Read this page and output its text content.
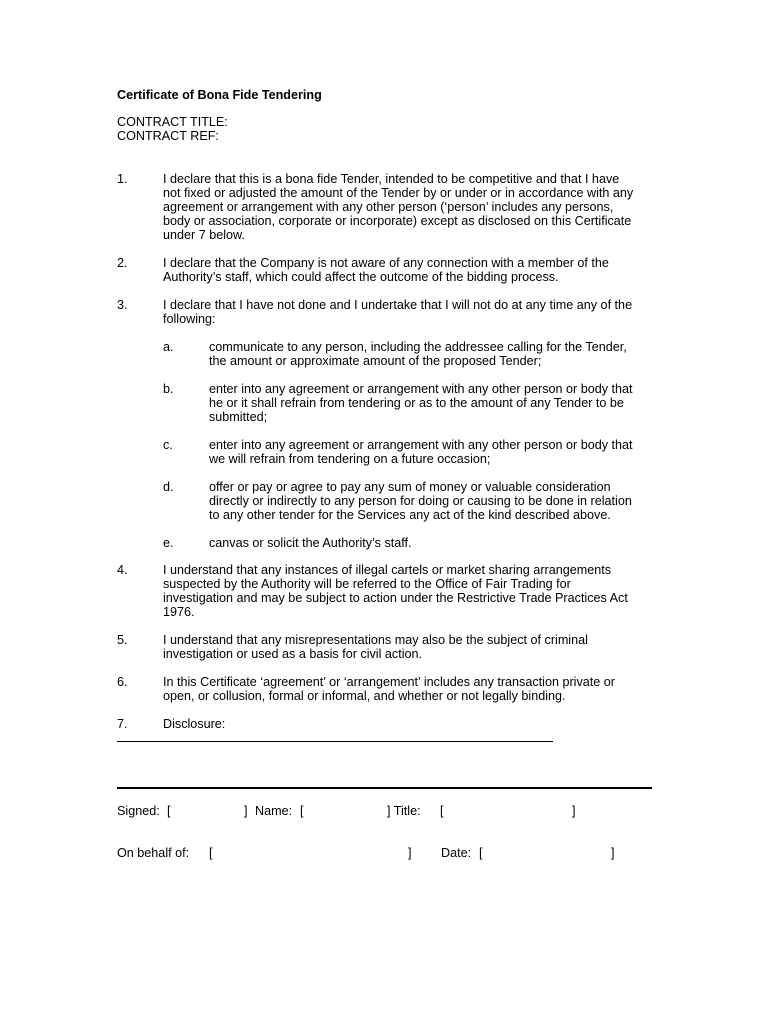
Certificate of Bona Fide Tendering
CONTRACT TITLE:
CONTRACT REF:
1.	I declare that this is a bona fide Tender, intended to be competitive and that I have
not fixed or adjusted the amount of the Tender by or under or in accordance with any
agreement or arrangement with any other person (‘person’ includes any persons,
body or association, corporate or incorporate) except as disclosed on this Certificate
under 7 below.
2.	I declare that the Company is not aware of any connection with a member of the
Authority’s staff, which could affect the outcome of the bidding process.
3.	I declare that I have not done and I undertake that I will not do at any time any of the
following:
a.	communicate to any person, including the addressee calling for the Tender,
the amount or approximate amount of the proposed Tender;
b.	enter into any agreement or arrangement with any other person or body that
he or it shall refrain from tendering or as to the amount of any Tender to be
submitted;
c.	enter into any agreement or arrangement with any other person or body that
we will refrain from tendering on a future occasion;
d.	offer or pay or agree to pay any sum of money or valuable consideration
directly or indirectly to any person for doing or causing to be done in relation
to any other tender for the Services any act of the kind described above.
e.	canvas or solicit the Authority’s staff.
4.	I understand that any instances of illegal cartels or market sharing arrangements
suspected by the Authority will be referred to the Office of Fair Trading for
investigation and may be subject to action under the Restrictive Trade Practices Act
1976.
5.	I understand that any misrepresentations may also be the subject of criminal
investigation or used as a basis for civil action.
6.	In this Certificate ‘agreement’ or ‘arrangement’ includes any transaction private or
open, or collusion, formal or informal, and whether or not legally binding.
7.	Disclosure:
Signed: [	] Name: [	] Title: [	]
On behalf of: [	] Date: [	]
